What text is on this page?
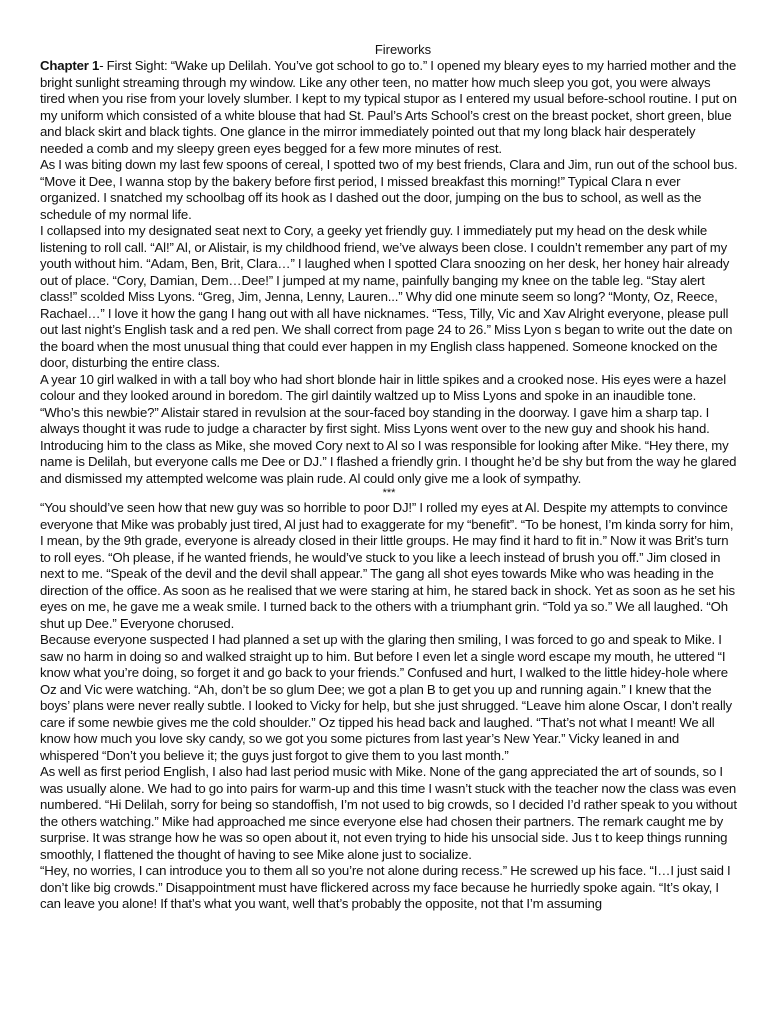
Fireworks

Chapter 1- First Sight: “Wake up Delilah. You’ve got school to go to.” I opened my bleary eyes to my harried mother and the bright sunlight streaming through my window. Like any other teen, no matter how much sleep you got, you were always tired when you rise from your lovely slumber. I kept to my typical stupor as I entered my usual before-school routine. I put on my uniform which consisted of a white blouse that had St. Paul’s Arts School’s crest on the breast pocket, short green, blue and black skirt and black tights. One glance in the mirror immediately pointed out that my long black hair desperately needed a comb and my sleepy green eyes begged for a few more minutes of rest.

As I was biting down my last few spoons of cereal, I spotted two of my best friends, Clara and Jim, run out of the school bus. “Move it Dee, I wanna stop by the bakery before first period, I missed breakfast this morning!” Typical Clara n ever organized. I snatched my schoolbag off its hook as I dashed out the door, jumping on the bus to school, as well as the schedule of my normal life.

I collapsed into my designated seat next to Cory, a geeky yet friendly guy. I immediately put my head on the desk while listening to roll call. “Al!” Al, or Alistair, is my childhood friend, we’ve always been close. I couldn’t remember any part of my youth without him. “Adam, Ben, Brit, Clara…” I laughed when I spotted Clara snoozing on her desk, her honey hair already out of place. “Cory, Damian, Dem…Dee!” I jumped at my name, painfully banging my knee on the table leg. “Stay alert class!” scolded Miss Lyons. “Greg, Jim, Jenna, Lenny, Lauren...” Why did one minute seem so long? “Monty, Oz, Reece, Rachael…” I love it how the gang I hang out with all have nicknames. “Tess, Tilly, Vic and Xav Alright everyone, please pull out last night’s English task and a red pen. We shall correct from page 24 to 26.” Miss Lyon s began to write out the date on the board when the most unusual thing that could ever happen in my English class happened. Someone knocked on the door, disturbing the entire class.

A year 10 girl walked in with a tall boy who had short blonde hair in little spikes and a crooked nose. His eyes were a hazel colour and they looked around in boredom. The girl daintily waltzed up to Miss Lyons and spoke in an inaudible tone. “Who’s this newbie?” Alistair stared in revulsion at the sour-faced boy standing in the doorway. I gave him a sharp tap. I always thought it was rude to judge a character by first sight. Miss Lyons went over to the new guy and shook his hand. Introducing him to the class as Mike, she moved Cory next to Al so I was responsible for looking after Mike. “Hey there, my name is Delilah, but everyone calls me Dee or DJ.” I flashed a friendly grin. I thought he’d be shy but from the way he glared and dismissed my attempted welcome was plain rude. Al could only give me a look of sympathy.

***

“You should’ve seen how that new guy was so horrible to poor DJ!” I rolled my eyes at Al. Despite my attempts to convince everyone that Mike was probably just tired, Al just had to exaggerate for my “benefit”. “To be honest, I’m kinda sorry for him, I mean, by the 9th grade, everyone is already closed in their little groups. He may find it hard to fit in.” Now it was Brit’s turn to roll eyes. “Oh please, if he wanted friends, he would’ve stuck to you like a leech instead of brush you off.” Jim closed in next to me. “Speak of the devil and the devil shall appear.” The gang all shot eyes towards Mike who was heading in the direction of the office. As soon as he realised that we were staring at him, he stared back in shock. Yet as soon as he set his eyes on me, he gave me a weak smile. I turned back to the others with a triumphant grin. “Told ya so.” We all laughed. “Oh shut up Dee.” Everyone chorused.

Because everyone suspected I had planned a set up with the glaring then smiling, I was forced to go and speak to Mike. I saw no harm in doing so and walked straight up to him. But before I even let a single word escape my mouth, he uttered “I know what you’re doing, so forget it and go back to your friends.” Confused and hurt, I walked to the little hidey-hole where Oz and Vic were watching. “Ah, don’t be so glum Dee; we got a plan B to get you up and running again.” I knew that the boys’ plans were never really subtle. I looked to Vicky for help, but she just shrugged. “Leave him alone Oscar, I don’t really care if some newbie gives me the cold shoulder.” Oz tipped his head back and laughed. “That’s not what I meant! We all know how much you love sky candy, so we got you some pictures from last year’s New Year.” Vicky leaned in and whispered “Don’t you believe it; the guys just forgot to give them to you last month.”

As well as first period English, I also had last period music with Mike. None of the gang appreciated the art of sounds, so I was usually alone. We had to go into pairs for warm-up and this time I wasn’t stuck with the teacher now the class was even numbered. “Hi Delilah, sorry for being so standoffish, I’m not used to big crowds, so I decided I’d rather speak to you without the others watching.” Mike had approached me since everyone else had chosen their partners. The remark caught me by surprise. It was strange how he was so open about it, not even trying to hide his unsocial side. Jus t to keep things running smoothly, I flattened the thought of having to see Mike alone just to socialize.

“Hey, no worries, I can introduce you to them all so you’re not alone during recess.” He screwed up his face. “I…I just said I don’t like big crowds.” Disappointment must have flickered across my face because he hurriedly spoke again. “It’s okay, I can leave you alone! If that’s what you want, well that’s probably the opposite, not that I’m assuming
